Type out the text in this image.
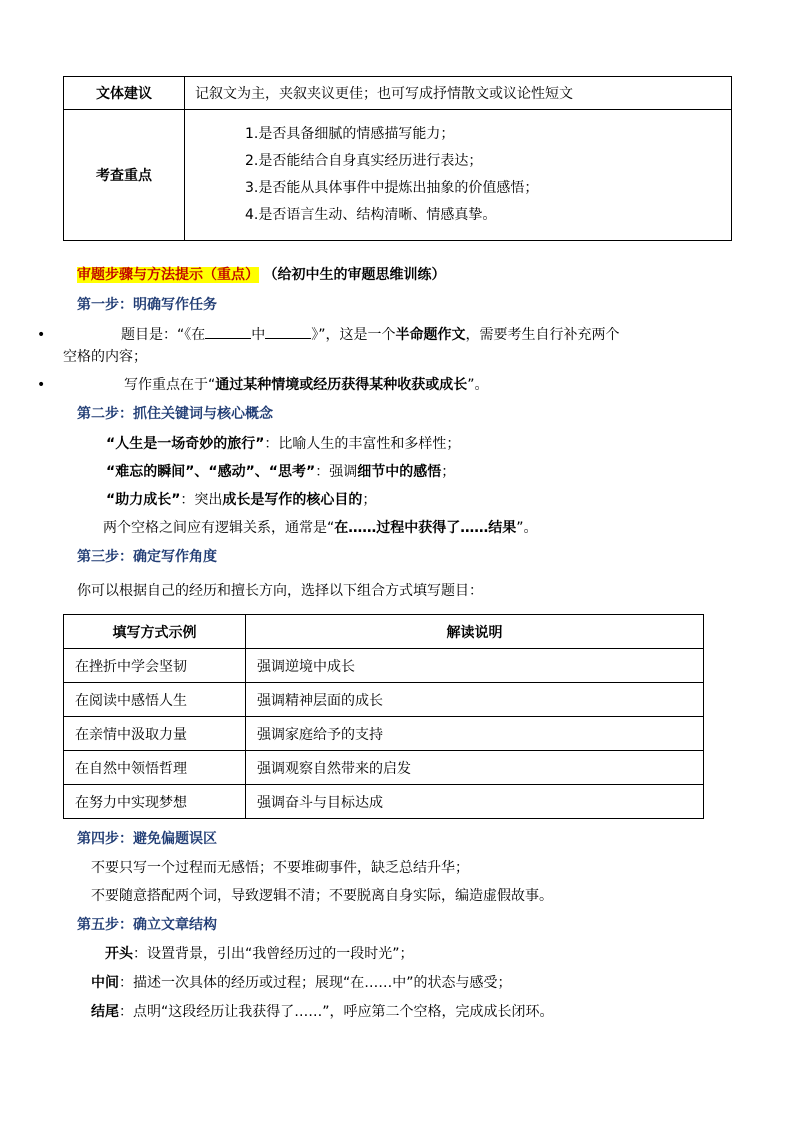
文体建议	记叙文为主，夹叙夹议更佳；也可写成抒情散文或议论性短文
考查重点	1.是否具备细腻的情感描写能力；
2.是否能结合自身真实经历进行表达；
3.是否能从具体事件中提炼出抽象的价值感悟；
4.是否语言生动、结构清晰、情感真挚。
审题步骤与方法提示（重点） （给初中生的审题思维训练）
第一步：明确写作任务
•	题目是：“《在	中	》”，这是一个半命题作文，需要考生自行补充两个
空格的内容；
•	写作重点在于“通过某种情境或经历获得某种收获或成长”。
第二步：抓住关键词与核心概念
“人生是一场奇妙的旅行”：比喻人生的丰富性和多样性；
“难忘的瞬间”、“感动”、“思考”：强调细节中的感悟；
“助力成长”：突出成长是写作的核心目的；
两个空格之间应有逻辑关系，通常是“在……过程中获得了……结果”。
第三步：确定写作角度
你可以根据自己的经历和擅长方向，选择以下组合方式填写题目：
填写方式示例	解读说明
在挫折中学会坚韧	强调逆境中成长
在阅读中感悟人生	强调精神层面的成长
在亲情中汲取力量	强调家庭给予的支持
在自然中领悟哲理	强调观察自然带来的启发
在努力中实现梦想	强调奋斗与目标达成
第四步：避免偏题误区
不要只写一个过程而无感悟；不要堆砌事件，缺乏总结升华；
不要随意搭配两个词，导致逻辑不清；不要脱离自身实际，编造虚假故事。
第五步：确立文章结构
开头：设置背景，引出“我曾经历过的一段时光”；
中间：描述一次具体的经历或过程；展现“在……中”的状态与感受；
结尾：点明“这段经历让我获得了……”，呼应第二个空格，完成成长闭环。
